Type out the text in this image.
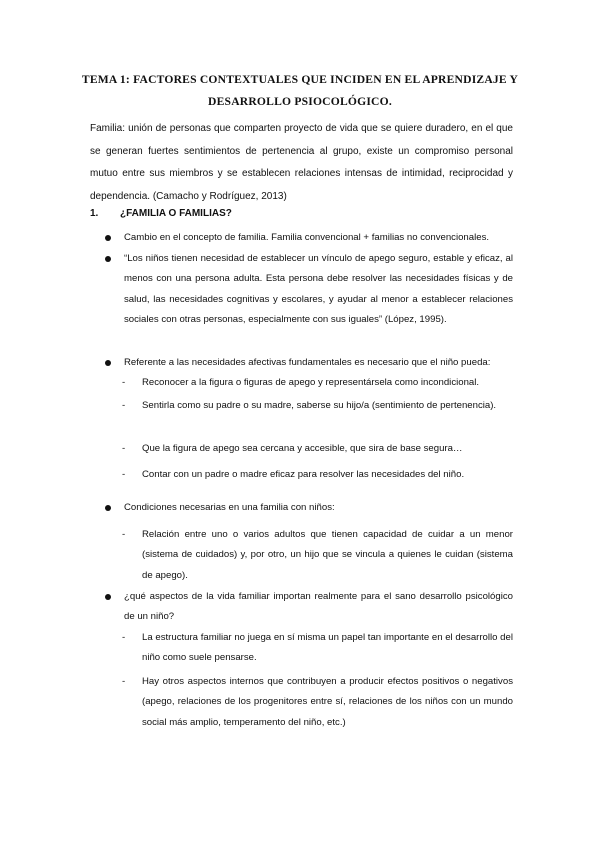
TEMA 1: FACTORES CONTEXTUALES QUE INCIDEN EN EL APRENDIZAJE Y
DESARROLLO PSIOCOLÓGICO.
Familia: unión de personas que comparten proyecto de vida que se quiere duradero, en el que se generan fuertes sentimientos de pertenencia al grupo, existe un compromiso personal mutuo entre sus miembros y se establecen relaciones intensas de intimidad, reciprocidad y dependencia. (Camacho y Rodríguez, 2013)
1. ¿FAMILIA O FAMILIAS?
Cambio en el concepto de familia. Familia convencional + familias no convencionales.
“Los niños tienen necesidad de establecer un vínculo de apego seguro, estable y eficaz, al menos con una persona adulta. Esta persona debe resolver las necesidades físicas y de salud, las necesidades cognitivas y escolares, y ayudar al menor a establecer relaciones sociales con otras personas, especialmente con sus iguales” (López, 1995).
Referente a las necesidades afectivas fundamentales es necesario que el niño pueda:
- Reconocer a la figura o figuras de apego y representársela como incondicional.
- Sentirla como su padre o su madre, saberse su hijo/a (sentimiento de pertenencia).
- Que la figura de apego sea cercana y accesible, que sira de base segura…
- Contar con un padre o madre eficaz para resolver las necesidades del niño.
Condiciones necesarias en una familia con niños:
- Relación entre uno o varios adultos que tienen capacidad de cuidar a un menor (sistema de cuidados) y, por otro, un hijo que se vincula a quienes le cuidan (sistema de apego).
¿qué aspectos de la vida familiar importan realmente para el sano desarrollo psicológico de un niño?
- La estructura familiar no juega en sí misma un papel tan importante en el desarrollo del niño como suele pensarse.
- Hay otros aspectos internos que contribuyen a producir efectos positivos o negativos (apego, relaciones de los progenitores entre sí, relaciones de los niños con un mundo social más amplio, temperamento del niño, etc.)
